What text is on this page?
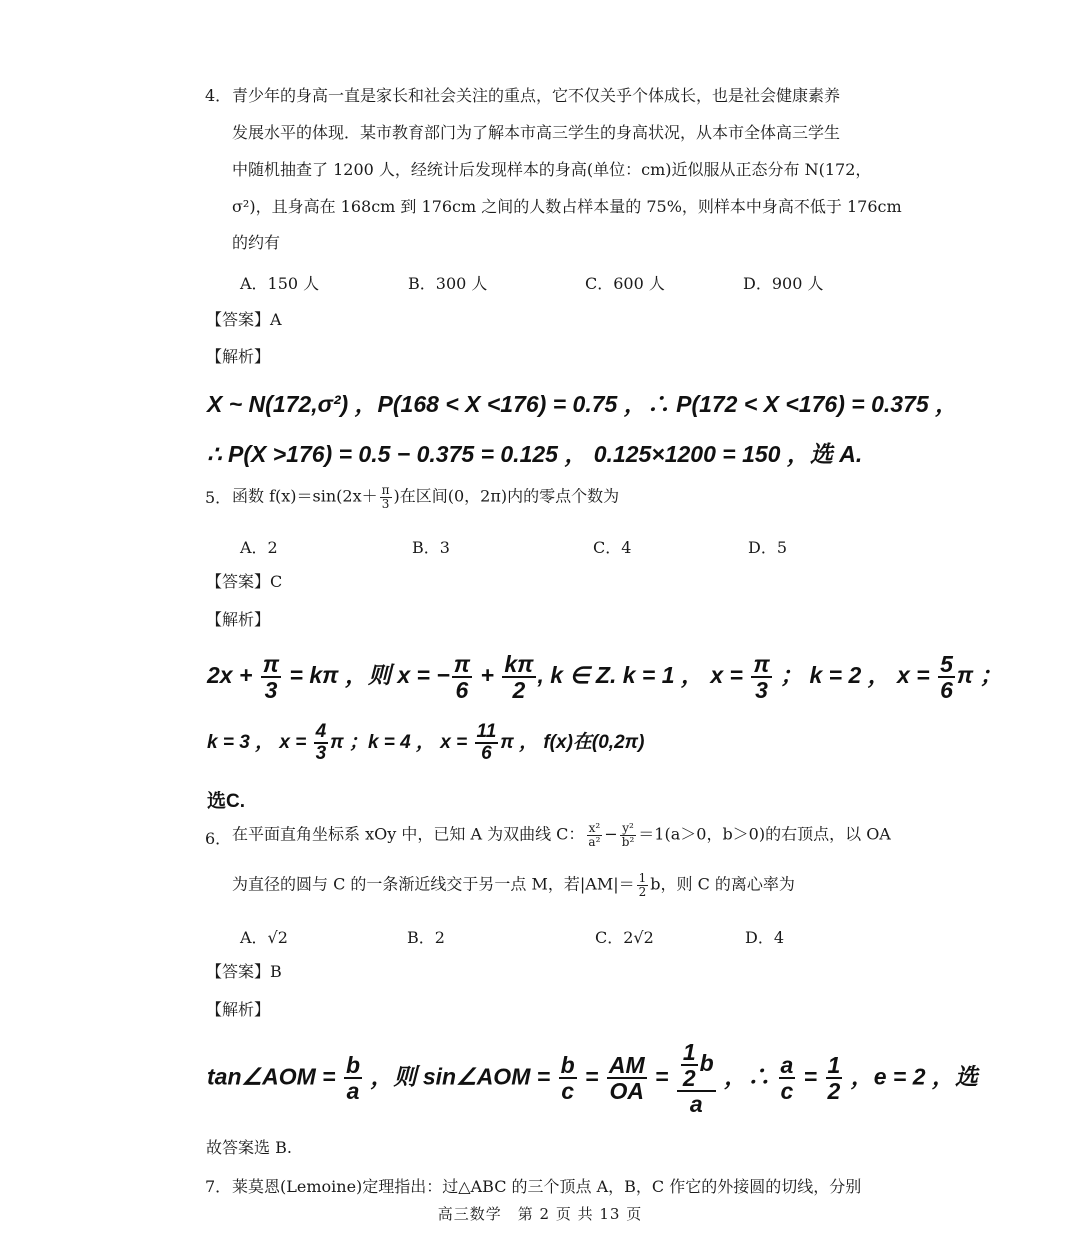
4． 青少年的身高一直是家长和社会关注的重点，它不仅关乎个体成长，也是社会健康素养
发展水平的体现．某市教育部门为了解本市高三学生的身高状况，从本市全体高三学生
中随机抽查了 1200 人，经统计后发现样本的身高(单位：cm)近似服从正态分布 N(172，
σ²)，且身高在 168cm 到 176cm 之间的人数占样本量的 75%，则样本中身高不低于 176cm
的约有
A．150 人	B．300 人	C．600 人	D．900 人
【答案】A
【解析】
X ~ N(172,σ²) ，P(168 < X <176) = 0.75 ，∴ P(172 < X <176) = 0.375 ，
∴ P(X >176) = 0.5 − 0.375 = 0.125 ， 0.125×1200 = 150 ，选 A.
5． 函数 $f(x)=\sin(2x+ \frac{\pi}{3}$ )在区间(0，2π)内的零点个数为
A．2	B．3	C．4	D．5
【答案】C
【解析】
$2x + \frac{\pi}{3} = k\pi$ ，则 x = − $\frac{\pi}{6} + \frac{k\pi}{2}$ , k ∈ Z. k = 1 ， $x = \frac{\pi}{3}$ ； k = 2 ， $x = \frac{5}{6}$ π ；
k = 3 ， $x = \frac{4}{3}$ π ；k = 4 ， $x = \frac{11}{6}$ π ， f(x)在(0,2π)
选C.
6． 在平面直角坐标系 xOy 中，已知 A 为双曲线 C： $\frac{\text{x²}}{\text{a²}} - \frac{\text{y²}}{\text{b²}} =1(a>0$，b＞0)的右顶点，以 OA
为直径的圆与 C 的一条渐近线交于另一点 M，若$|AM|= \frac{1}{2}$ b，则 C 的离心率为
A．√2	B．2	C．2√2	D．4
【答案】B
【解析】
tan∠AOM = $\frac{b}{a}$ ，则 sin∠AOM = $\frac{b}{c} = \frac{AM}{OA} = \frac{\frac{1}{2} b}{a}$ ，∴ $\frac{a}{c} = \frac{1}{2}$ ，e = 2 ，选
故答案选 B.
7． 莱莫恩(Lemoine)定理指出：过△ABC 的三个顶点 A，B，C 作它的外接圆的切线，分别
高三数学　第 2 页 共 13 页
